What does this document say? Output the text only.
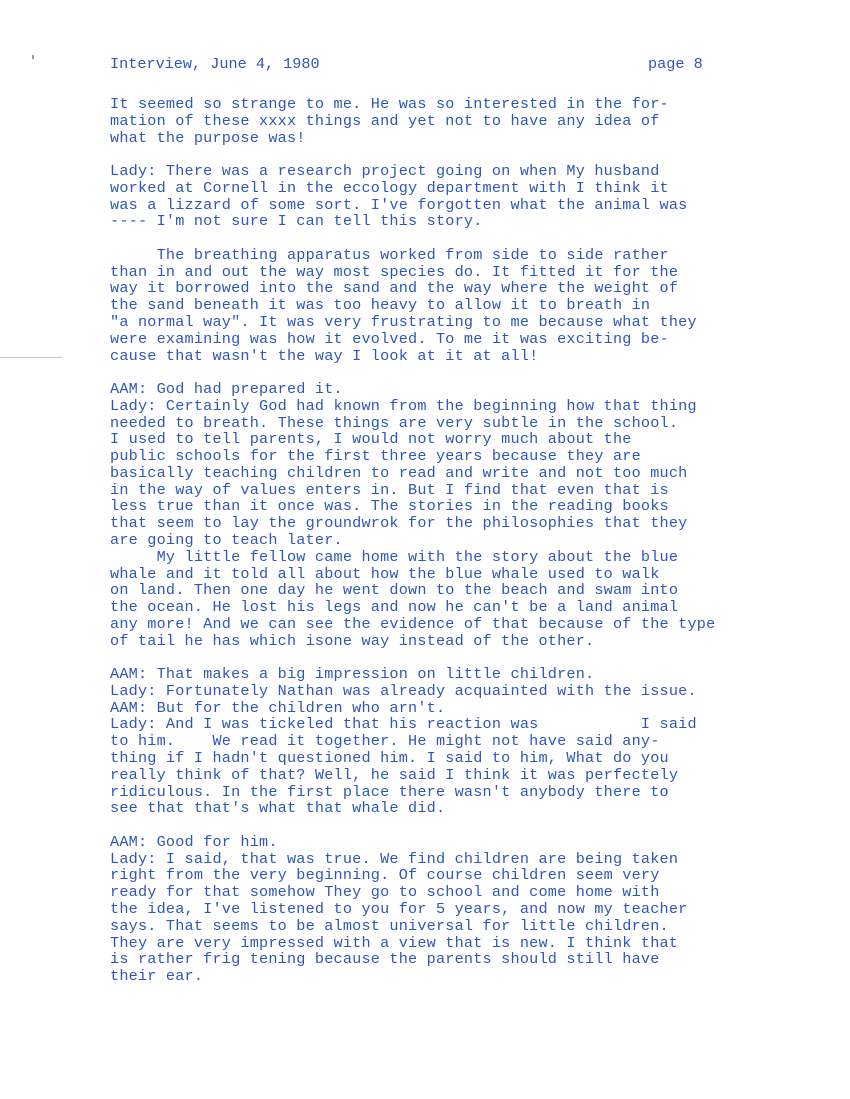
Interview, June 4, 1980	page 8
It seemed so strange to me. He was so interested in the for-
mation of these xxxx things and yet not to have any idea of
what the purpose was!
Lady: There was a research project going on when My husband
worked at Cornell in the eccology department with I think it
was a lizzard of some sort. I've forgotten what the animal was
---- I'm not sure I can tell this story.
The breathing apparatus worked from side to side rather
than in and out the way most species do. It fitted it for the
way it borrowed into the sand and the way where the weight of
the sand beneath it was too heavy to allow it to breath in
"a normal way". It was very frustrating to me because what they
were examining was how it evolved. To me it was exciting be-
cause that wasn't the way I look at it at all!
AAM: God had prepared it.
Lady: Certainly God had known from the beginning how that thing
needed to breath. These things are very subtle in the school.
I used to tell parents, I would not worry much about the
public schools for the first three years because they are
basically teaching children to read and write and not too much
in the way of values enters in. But I find that even that is
less true than it once was. The stories in the reading books
that seem to lay the groundwrok for the philosophies that they
are going to teach later.
My little fellow came home with the story about the blue
whale and it told all about how the blue whale used to walk
on land. Then one day he went down to the beach and swam into
the ocean. He lost his legs and now he can't be a land animal
any more! And we can see the evidence of that because of the type
of tail he has which isone way instead of the other.
AAM: That makes a big impression on little children.
Lady: Fortunately Nathan was already acquainted with the issue.
AAM: But for the children who arn't.
Lady: And I was tickeled that his reaction was           I said
to him.    We read it together. He might not have said any-
thing if I hadn't questioned him. I said to him, What do you
really think of that? Well, he said I think it was perfectely
ridiculous. In the first place there wasn't anybody there to
see that that's what that whale did.
AAM: Good for him.
Lady: I said, that was true. We find children are being taken
right from the very beginning. Of course children seem very
ready for that somehow They go to school and come home with
the idea, I've listened to you for 5 years, and now my teacher
says. That seems to be almost universal for little children.
They are very impressed with a view that is new. I think that
is rather frig tening because the parents should still have
their ear.
